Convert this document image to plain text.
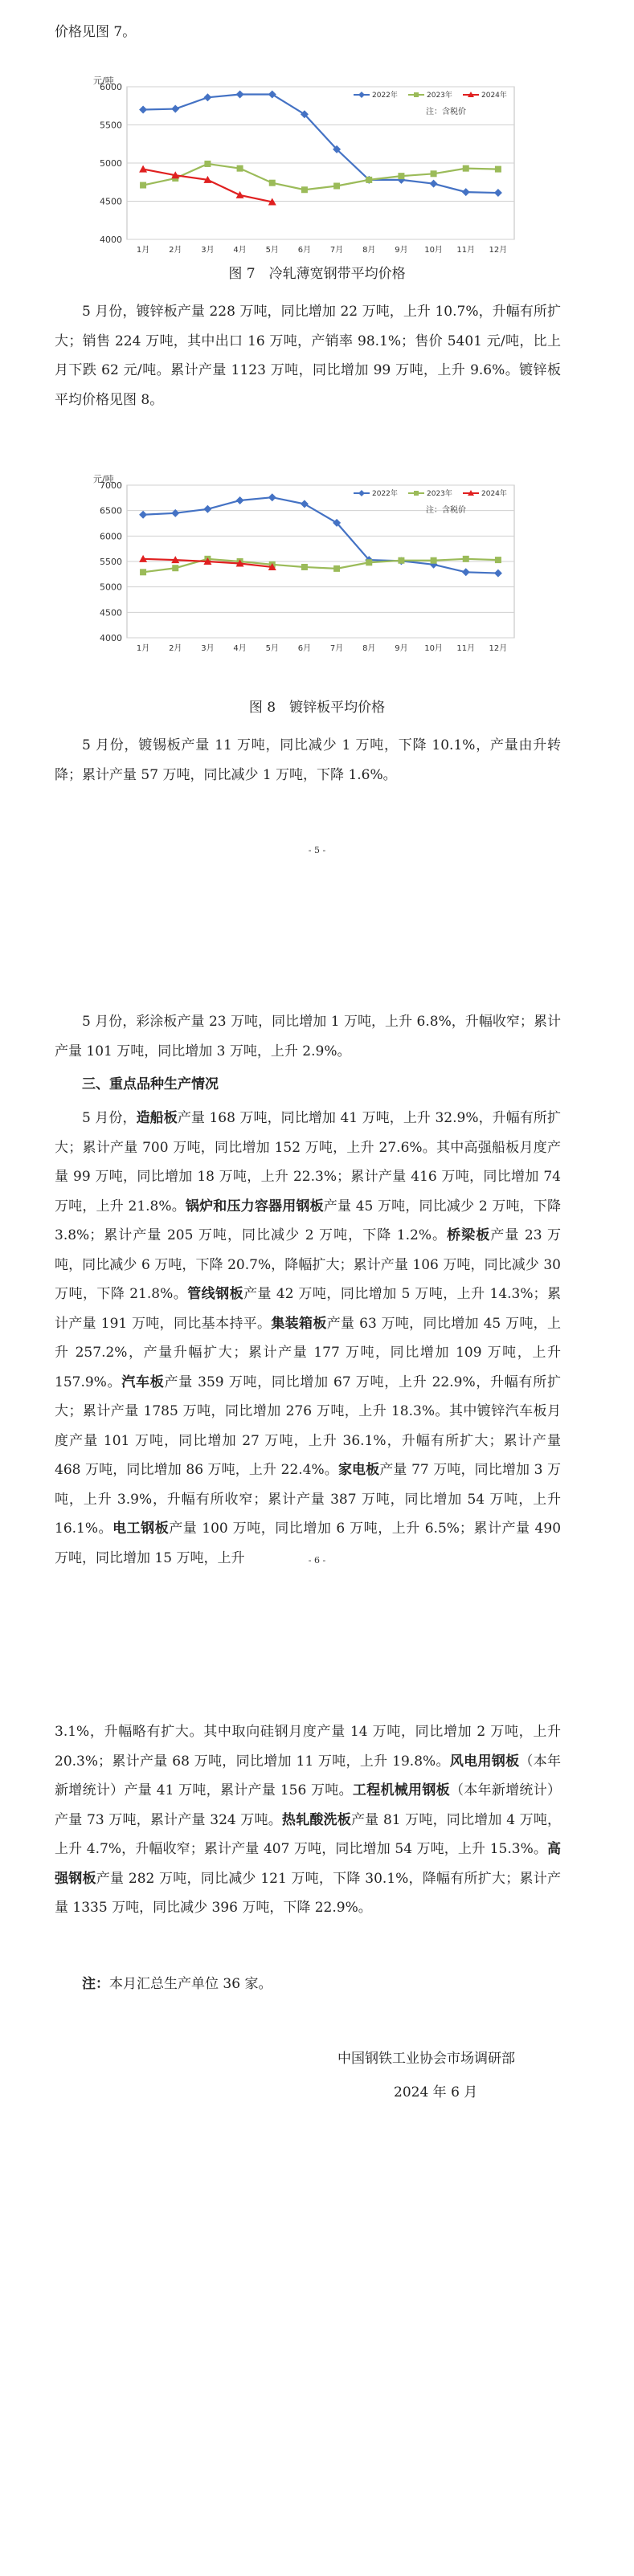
价格见图 7。

4000
4500
5000
5500
6000
元/吨
1月 2月 3月 4月 5月 6月 7月 8月 9月 10月 11月 12月
2022年	2023年	2024年
注：含税价

图 7　冷轧薄宽钢带平均价格

5 月份，镀锌板产量 228 万吨，同比增加 22 万吨，上升 10.7%，升幅有所扩大；销售 224 万吨，其中出口 16 万吨，产销率 98.1%；售价 5401 元/吨，比上月下跌 62 元/吨。累计产量 1123 万吨，同比增加 99 万吨，上升 9.6%。镀锌板平均价格见图 8。

4000
4500
5000
5500
6000
6500
7000
元/吨
1月 2月 3月 4月 5月 6月 7月 8月 9月 10月 11月 12月
2022年	2023年	2024年
注：含税价

图 8　镀锌板平均价格

5 月份，镀锡板产量 11 万吨，同比减少 1 万吨，下降 10.1%，产量由升转降；累计产量 57 万吨，同比减少 1 万吨，下降 1.6%。

- 5 -

5 月份，彩涂板产量 23 万吨，同比增加 1 万吨，上升 6.8%，升幅收窄；累计产量 101 万吨，同比增加 3 万吨，上升 2.9%。

三、重点品种生产情况

5 月份，造船板产量 168 万吨，同比增加 41 万吨，上升 32.9%，升幅有所扩大；累计产量 700 万吨，同比增加 152 万吨，上升 27.6%。其中高强船板月度产量 99 万吨，同比增加 18 万吨，上升 22.3%；累计产量 416 万吨，同比增加 74 万吨，上升 21.8%。锅炉和压力容器用钢板产量 45 万吨，同比减少 2 万吨，下降 3.8%；累计产量 205 万吨，同比减少 2 万吨，下降 1.2%。桥梁板产量 23 万吨，同比减少 6 万吨，下降 20.7%，降幅扩大；累计产量 106 万吨，同比减少 30 万吨，下降 21.8%。管线钢板产量 42 万吨，同比增加 5 万吨，上升 14.3%；累计产量 191 万吨，同比基本持平。集装箱板产量 63 万吨，同比增加 45 万吨，上升 257.2%，产量升幅扩大；累计产量 177 万吨，同比增加 109 万吨，上升 157.9%。汽车板产量 359 万吨，同比增加 67 万吨，上升 22.9%，升幅有所扩大；累计产量 1785 万吨，同比增加 276 万吨，上升 18.3%。其中镀锌汽车板月度产量 101 万吨，同比增加 27 万吨，上升 36.1%，升幅有所扩大；累计产量 468 万吨，同比增加 86 万吨，上升 22.4%。家电板产量 77 万吨，同比增加 3 万吨，上升 3.9%，升幅有所收窄；累计产量 387 万吨，同比增加 54 万吨，上升 16.1%。电工钢板产量 100 万吨，同比增加 6 万吨，上升 6.5%；累计产量 490 万吨，同比增加 15 万吨，上升	- 6 -

3.1%，升幅略有扩大。其中取向硅钢月度产量 14 万吨，同比增加 2 万吨，上升 20.3%；累计产量 68 万吨，同比增加 11 万吨，上升 19.8%。风电用钢板（本年新增统计）产量 41 万吨，累计产量 156 万吨。工程机械用钢板（本年新增统计）产量 73 万吨，累计产量 324 万吨。热轧酸洗板产量 81 万吨，同比增加 4 万吨，上升 4.7%，升幅收窄；累计产量 407 万吨，同比增加 54 万吨，上升 15.3%。高强钢板产量 282 万吨，同比减少 121 万吨，下降 30.1%，降幅有所扩大；累计产量 1335 万吨，同比减少 396 万吨，下降 22.9%。

注：本月汇总生产单位 36 家。

中国钢铁工业协会市场调研部

2024 年 6 月
